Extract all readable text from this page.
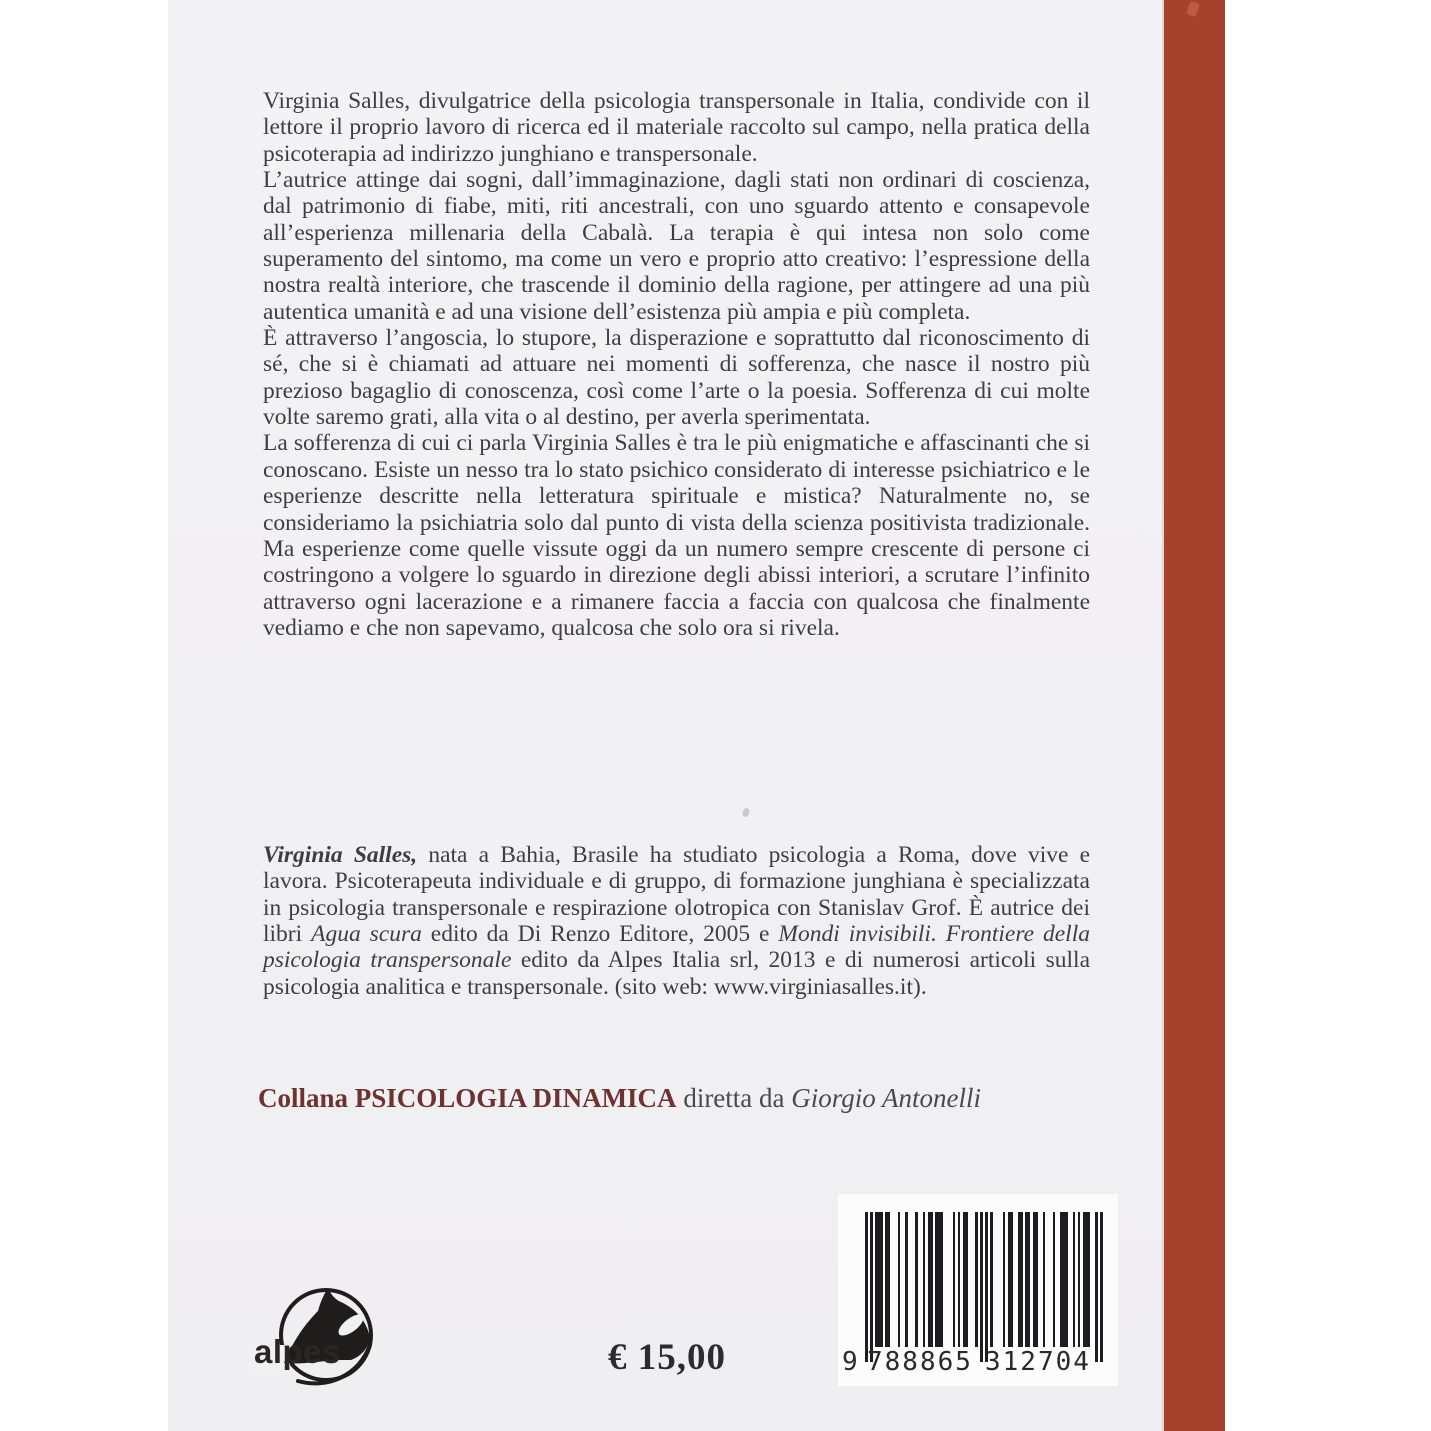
Virginia Salles, divulgatrice della psicologia transpersonale in Italia, condivide con il lettore il proprio lavoro di ricerca ed il materiale raccolto sul campo, nella pratica della psicoterapia ad indirizzo junghiano e transpersonale.

L’autrice attinge dai sogni, dall’immaginazione, dagli stati non ordinari di coscienza, dal patrimonio di fiabe, miti, riti ancestrali, con uno sguardo attento e consapevole all’esperienza millenaria della Cabalà. La terapia è qui intesa non solo come superamento del sintomo, ma come un vero e proprio atto creativo: l’espressione della nostra realtà interiore, che trascende il dominio della ragione, per attingere ad una più autentica umanità e ad una visione dell’esistenza più ampia e più completa.

È attraverso l’angoscia, lo stupore, la disperazione e soprattutto dal riconoscimento di sé, che si è chiamati ad attuare nei momenti di sofferenza, che nasce il nostro più prezioso bagaglio di conoscenza, così come l’arte o la poesia. Sofferenza di cui molte volte saremo grati, alla vita o al destino, per averla sperimentata.

La sofferenza di cui ci parla Virginia Salles è tra le più enigmatiche e affascinanti che si conoscano. Esiste un nesso tra lo stato psichico considerato di interesse psichiatrico e le esperienze descritte nella letteratura spirituale e mistica? Naturalmente no, se consideriamo la psichiatria solo dal punto di vista della scienza positivista tradizionale. Ma esperienze come quelle vissute oggi da un numero sempre crescente di persone ci costringono a volgere lo sguardo in direzione degli abissi interiori, a scrutare l’infinito attraverso ogni lacerazione e a rimanere faccia a faccia con qualcosa che finalmente vediamo e che non sapevamo, qualcosa che solo ora si rivela.

Virginia Salles, nata a Bahia, Brasile ha studiato psicologia a Roma, dove vive e lavora. Psicoterapeuta individuale e di gruppo, di formazione junghiana è specializzata in psicologia transpersonale e respirazione olotropica con Stanislav Grof. È autrice dei libri Agua scura edito da Di Renzo Editore, 2005 e Mondi invisibili. Frontiere della psicologia transpersonale edito da Alpes Italia srl, 2013 e di numerosi articoli sulla psicologia analitica e transpersonale. (sito web: www.virginiasalles.it).
Collana PSICOLOGIA DINAMICA diretta da Giorgio Antonelli
alpes	€ 15,00	9 788865 312704
